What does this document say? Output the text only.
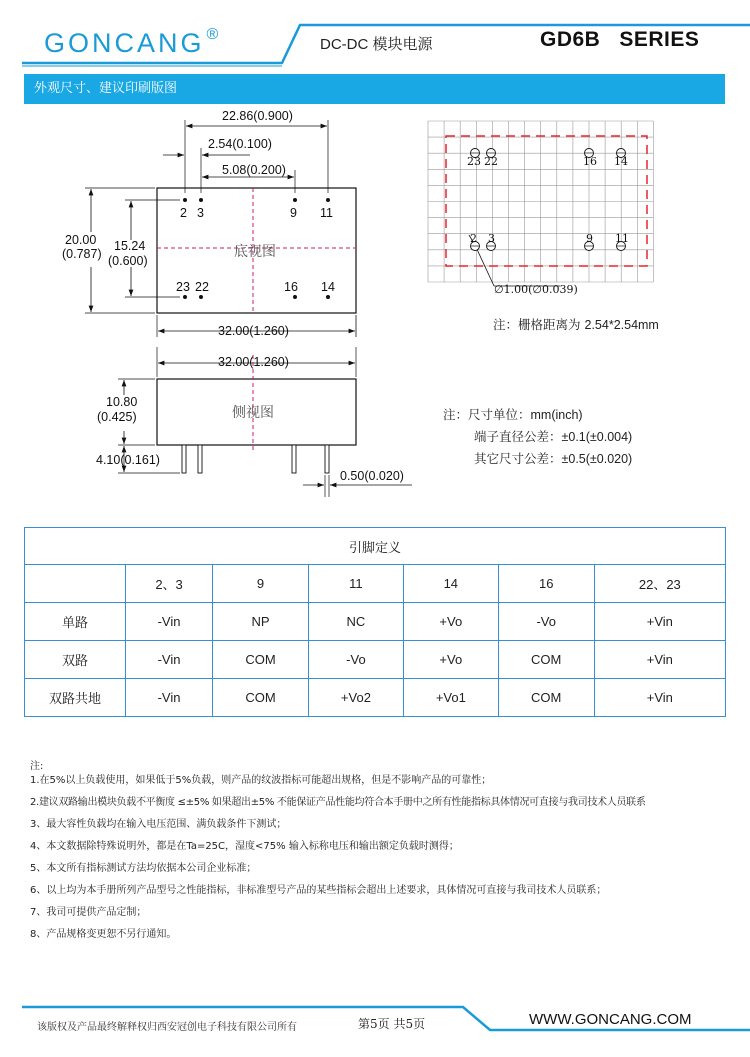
GONCANG ®
DC-DC 模块电源	GD6B   SERIES
外观尺寸、建议印刷版图
22.86(0.900)
2.54(0.100)
5.08(0.200)
20.00
(0.787)
15.24
(0.600)
32.00(1.260)
底视图
2 3	9 11
23 22	16 14
32.00(1.260)
10.80
(0.425)
4.10(0.161)
0.50(0.020)
侧视图
23 22	16 14
2 3	9 11
∅1.00(∅0.039)
注：栅格距离为 2.54*2.54mm
注：尺寸单位：mm(inch)
端子直径公差：±0.1(±0.004)
其它尺寸公差：±0.5(±0.020)
引脚定义						
	2、3	9	11	14	16	22、23
单路	-Vin	NP	NC	+Vo	-Vo	+Vin
双路	-Vin	COM	-Vo	+Vo	COM	+Vin
双路共地	-Vin	COM	+Vo2	+Vo1	COM	+Vin
注:
1.在5%以上负载使用，如果低于5%负载，则产品的纹波指标可能超出规格，但是不影响产品的可靠性；
2.建议双路输出模块负载不平衡度 ≤±5% 如果超出±5% 不能保证产品性能均符合本手册中之所有性能指标具体情况可直接与我司技术人员联系
3、最大容性负载均在输入电压范围、满负载条件下测试；
4、本文数据除特殊说明外，都是在Ta=25C，湿度<75% 输入标称电压和输出额定负载时测得；
5、本文所有指标测试方法均依据本公司企业标准；
6、以上均为本手册所列产品型号之性能指标，非标准型号产品的某些指标会超出上述要求，具体情况可直接与我司技术人员联系；
7、我司可提供产品定制；
8、产品规格变更恕不另行通知。
该版权及产品最终解释权归西安冠创电子科技有限公司所有	第5页 共5页	WWW.GONCANG.COM
